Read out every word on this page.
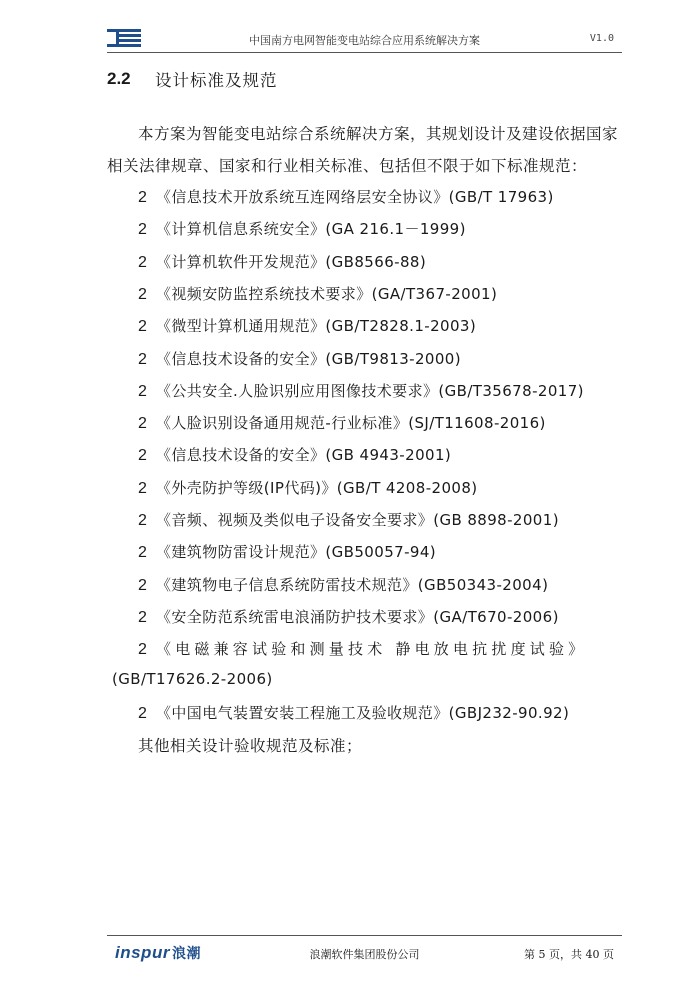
中国南方电网智能变电站综合应用系统解决方案	V1.0
2.2	设计标准及规范
本方案为智能变电站综合系统解决方案，其规划设计及建设依据国家
相关法律规章、国家和行业相关标准、包括但不限于如下标准规范：
2 《电磁兼容试验和测量技术 静电放电抗扰度试验》
(GB/T17626.2-2006)
2 《中国电气装置安装工程施工及验收规范》(GBJ232-90.92)
其他相关设计验收规范及标准；
inspur 浪潮	浪潮软件集团股份公司	第 5 页，共 40 页
2 《信息技术开放系统互连网络层安全协议》(GB/T 17963)
2 《计算机信息系统安全》(GA 216.1－1999)
2 《计算机软件开发规范》(GB8566-88)
2 《视频安防监控系统技术要求》(GA/T367-2001)
2 《微型计算机通用规范》(GB/T2828.1-2003)
2 《信息技术设备的安全》(GB/T9813-2000)
2 《公共安全.人脸识别应用图像技术要求》(GB/T35678-2017)
2 《人脸识别设备通用规范-行业标准》(SJ/T11608-2016)
2 《信息技术设备的安全》(GB 4943-2001)
2 《外壳防护等级(IP代码)》(GB/T 4208-2008)
2 《音频、视频及类似电子设备安全要求》(GB 8898-2001)
2 《建筑物防雷设计规范》(GB50057-94)
2 《建筑物电子信息系统防雷技术规范》(GB50343-2004)
2 《安全防范系统雷电浪涌防护技术要求》(GA/T670-2006)
